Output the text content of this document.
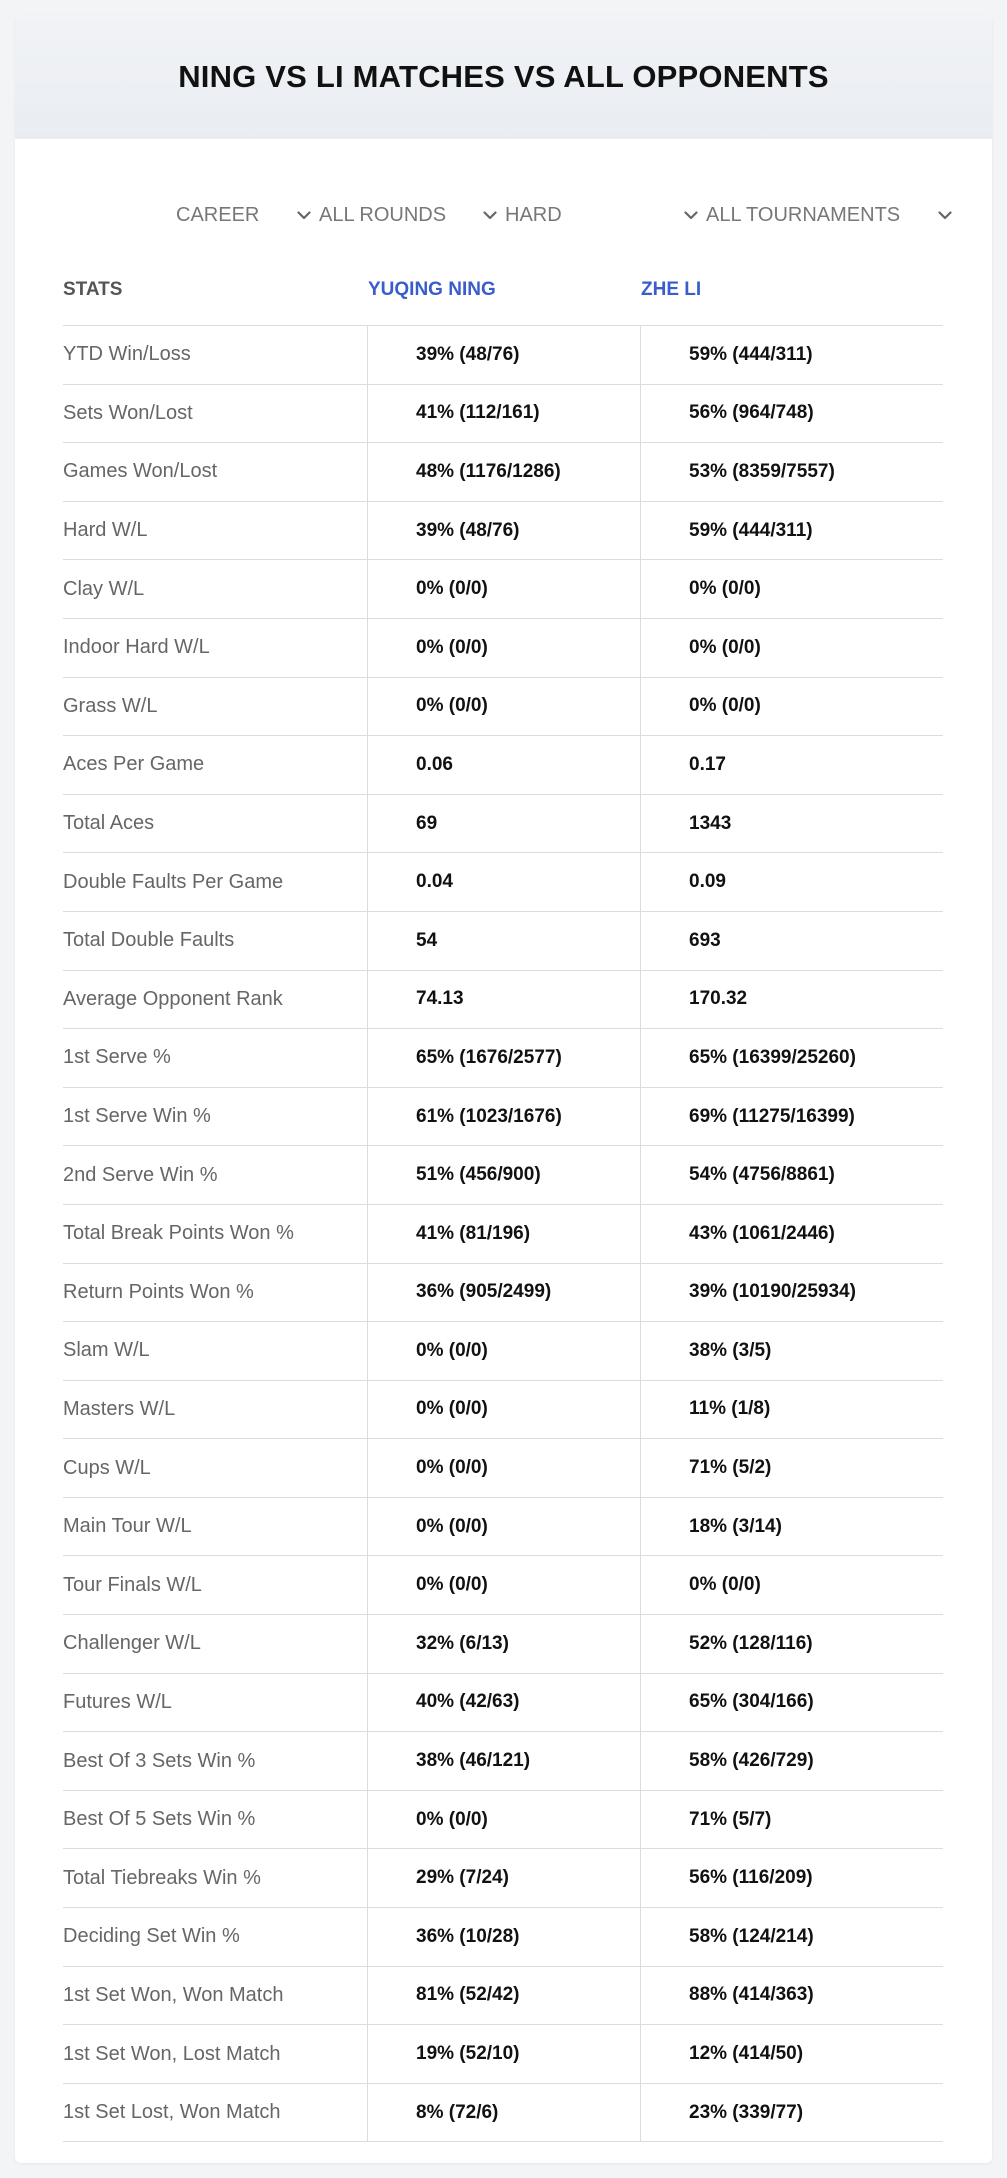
NING VS LI MATCHES VS ALL OPPONENTS
CAREER	ALL ROUNDS	HARD	ALL TOURNAMENTS
STATS	YUQING NING	ZHE LI
YTD Win/Loss	39% (48/76)	59% (444/311)
Sets Won/Lost	41% (112/161)	56% (964/748)
Games Won/Lost	48% (1176/1286)	53% (8359/7557)
Hard W/L	39% (48/76)	59% (444/311)
Clay W/L	0% (0/0)	0% (0/0)
Indoor Hard W/L	0% (0/0)	0% (0/0)
Grass W/L	0% (0/0)	0% (0/0)
Aces Per Game	0.06	0.17
Total Aces	69	1343
Double Faults Per Game	0.04	0.09
Total Double Faults	54	693
Average Opponent Rank	74.13	170.32
1st Serve %	65% (1676/2577)	65% (16399/25260)
1st Serve Win %	61% (1023/1676)	69% (11275/16399)
2nd Serve Win %	51% (456/900)	54% (4756/8861)
Total Break Points Won %	41% (81/196)	43% (1061/2446)
Return Points Won %	36% (905/2499)	39% (10190/25934)
Slam W/L	0% (0/0)	38% (3/5)
Masters W/L	0% (0/0)	11% (1/8)
Cups W/L	0% (0/0)	71% (5/2)
Main Tour W/L	0% (0/0)	18% (3/14)
Tour Finals W/L	0% (0/0)	0% (0/0)
Challenger W/L	32% (6/13)	52% (128/116)
Futures W/L	40% (42/63)	65% (304/166)
Best Of 3 Sets Win %	38% (46/121)	58% (426/729)
Best Of 5 Sets Win %	0% (0/0)	71% (5/7)
Total Tiebreaks Win %	29% (7/24)	56% (116/209)
Deciding Set Win %	36% (10/28)	58% (124/214)
1st Set Won, Won Match	81% (52/42)	88% (414/363)
1st Set Won, Lost Match	19% (52/10)	12% (414/50)
1st Set Lost, Won Match	8% (72/6)	23% (339/77)
